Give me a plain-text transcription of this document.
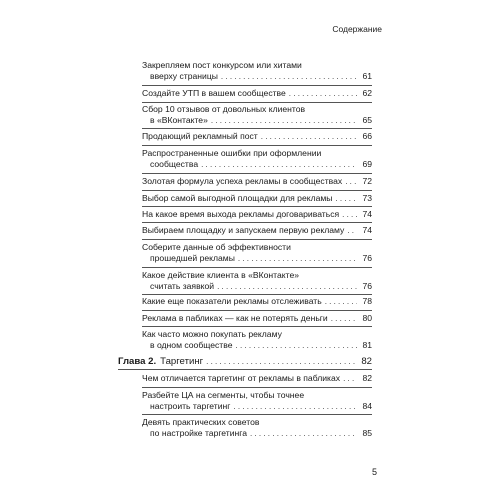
Содержание
Закрепляем пост конкурсом или хитами
вверху страницы . . .	61
Создайте УТП в вашем сообществе . . .	62
Сбор 10 отзывов от довольных клиентов
в «ВКонтакте» . . .	65
Продающий рекламный пост . . .	66
Распространенные ошибки при оформлении
сообщества . . .	69
Золотая формула успеха рекламы в сообществах . . . 72
Выбор самой выгодной площадки для рекламы . . .	73
На какое время выхода рекламы договариваться . . .	74
Выбираем площадку и запускаем первую рекламу . . . 74
Соберите данные об эффективности
прошедшей рекламы . . .	76
Какое действие клиента в «ВКонтакте»
считать заявкой . . .	76
Какие еще показатели рекламы отслеживать . . .	78
Реклама в пабликах — как не потерять деньги . . .	80
Как часто можно покупать рекламу
в одном сообществе . . .	81
Глава 2. Таргетинг . . .	82
Чем отличается таргетинг от рекламы в пабликах . . .	82
Разбейте ЦА на сегменты, чтобы точнее
настроить таргетинг . . .	84
Девять практических советов
по настройке таргетинга . . .	85
5
